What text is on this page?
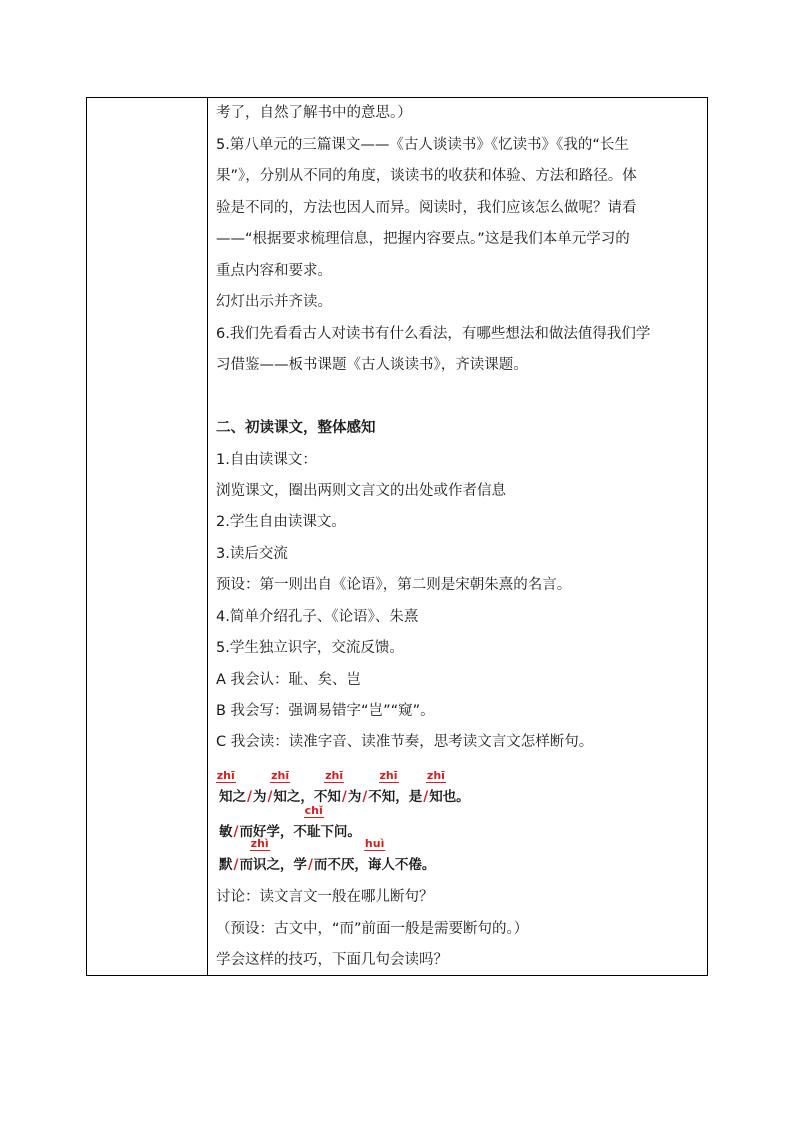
考了，自然了解书中的意思。）
5.第八单元的三篇课文——《古人谈读书》《忆读书》《我的“长生
果”》，分别从不同的角度，谈读书的收获和体验、方法和路径。体
验是不同的，方法也因人而异。阅读时，我们应该怎么做呢？请看
——“根据要求梳理信息，把握内容要点。”这是我们本单元学习的
重点内容和要求。
幻灯出示并齐读。
6.我们先看看古人对读书有什么看法，有哪些想法和做法值得我们学
习借鉴——板书课题《古人谈读书》，齐读课题。
二、初读课文，整体感知
1.自由读课文：
浏览课文，圈出两则文言文的出处或作者信息
2.学生自由读课文。
3.读后交流
预设：第一则出自《论语》，第二则是宋朝朱熹的名言。
4.简单介绍孔子、《论语》、朱熹
5.学生独立识字，交流反馈。
A 我会认：耻、矣、岂
B 我会写：强调易错字“岂”“窥”。
C 我会读：读准字音、读准节奏，思考读文言文怎样断句。
zhī
知之/为/
zhī
知之，不
zhī
知/为/不
zhī
知，是/
zhī
知也。
敏/而好学，不
chǐ
耻下问。
默/而
zhì
识之，学/而不厌，
huì
诲人不倦。
讨论：读文言文一般在哪儿断句？
（预设：古文中，“而”前面一般是需要断句的。）
学会这样的技巧，下面几句会读吗？
